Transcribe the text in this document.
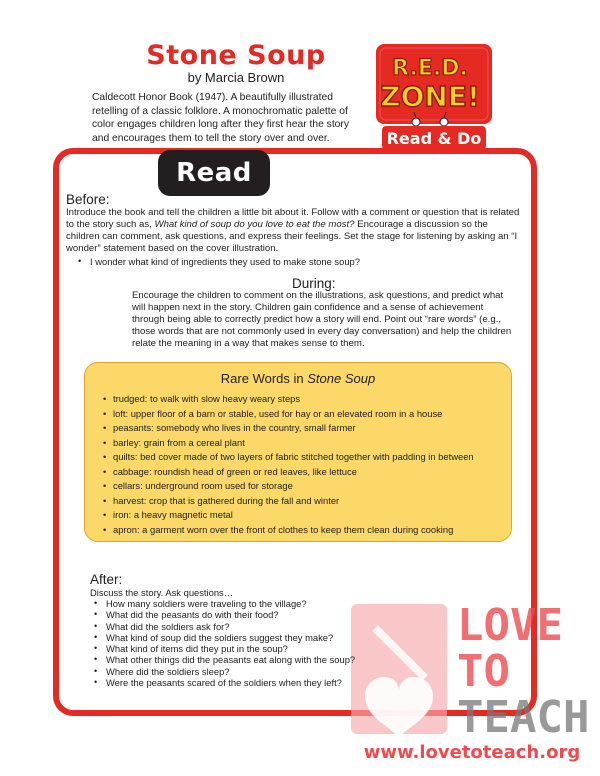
Stone Soup
by Marcia Brown
Caldecott Honor Book (1947). A beautifully illustrated retelling of a classic folklore. A monochromatic palette of color engages children long after they first hear the story and encourages them to tell the story over and over.
R.E.D.
ZONE!
Read & Do
Read
Before:
Introduce the book and tell the children a little bit about it. Follow with a comment or question that is related to the story such as, What kind of soup do you love to eat the most? Encourage a discussion so the children can comment, ask questions, and express their feelings. Set the stage for listening by asking an “I wonder” statement based on the cover illustration.
• I wonder what kind of ingredients they used to make stone soup?
During:
Encourage the children to comment on the illustrations, ask questions, and predict what will happen next in the story. Children gain confidence and a sense of achievement through being able to correctly predict how a story will end. Point out “rare words” (e.g., those words that are not commonly used in every day conversation) and help the children relate the meaning in a way that makes sense to them.
Rare Words in Stone Soup
• trudged: to walk with slow heavy weary steps
• loft: upper floor of a barn or stable, used for hay or an elevated room in a house
• peasants: somebody who lives in the country, small farmer
• barley: grain from a cereal plant
• quilts: bed cover made of two layers of fabric stitched together with padding in between
• cabbage: roundish head of green or red leaves, like lettuce
• cellars: underground room used for storage
• harvest: crop that is gathered during the fall and winter
• iron: a heavy magnetic metal
• apron: a garment worn over the front of clothes to keep them clean during cooking
LOVE
TO
TEACH
After:
Discuss the story. Ask questions…
• How many soldiers were traveling to the village?
• What did the peasants do with their food?
• What did the soldiers ask for?
• What kind of soup did the soldiers suggest they make?
• What kind of items did they put in the soup?
• What other things did the peasants eat along with the soup?
• Where did the soldiers sleep?
• Were the peasants scared of the soldiers when they left?
www.lovetoteach.org
